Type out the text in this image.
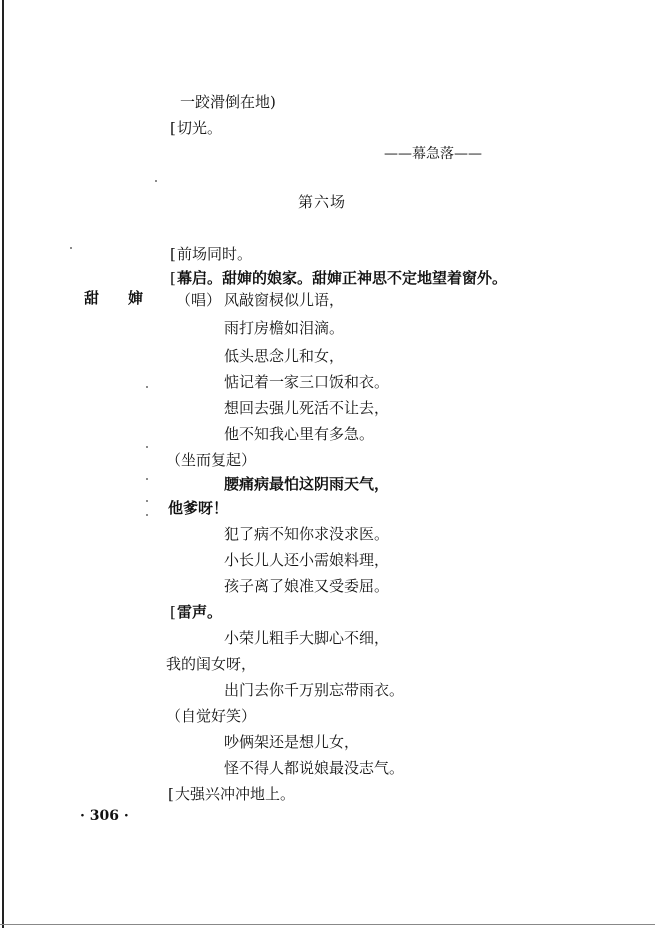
一跤滑倒在地)
[ 切光。
——幕急落——
第六场
[ 前场同时。
[ 幕启。甜婶的娘家。甜婶正神思不定地望着窗外。
甜 婶 （唱） 风敲窗棂似儿语，
雨打房檐如泪滴。
低头思念儿和女，
惦记着一家三口饭和衣。
想回去强儿死活不让去，
他不知我心里有多急。
（坐而复起）
腰痛病最怕这阴雨天气，
他爹呀！
犯了病不知你求没求医。
小长儿人还小需娘料理，
孩子离了娘准又受委屈。
[ 雷声。
小荣儿粗手大脚心不细，
我的闺女呀，
出门去你千万别忘带雨衣。
（自觉好笑）
吵俩架还是想儿女，
怪不得人都说娘最没志气。
[ 大强兴冲冲地上。
· 306 ·
